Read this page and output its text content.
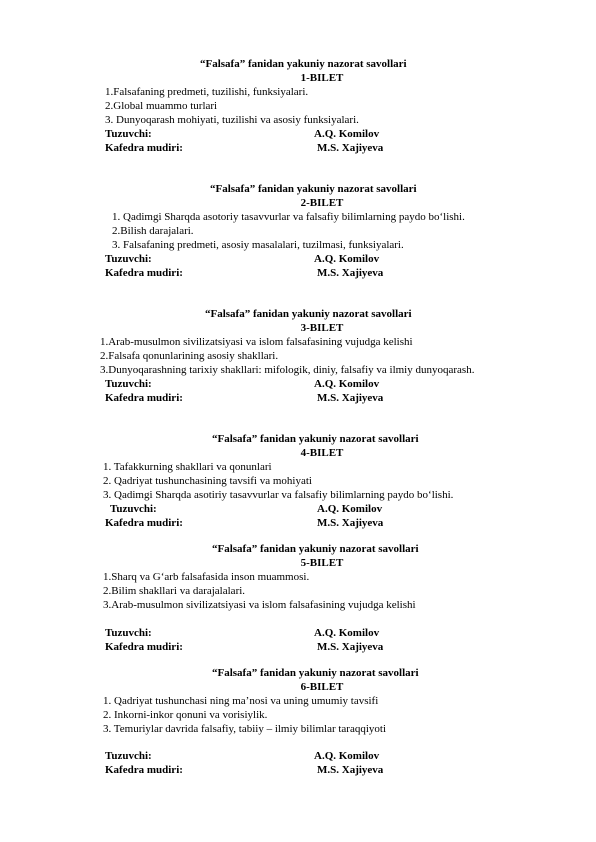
“Falsafa” fanidan yakuniy nazorat savollari
1-BILET
1.Falsafaning predmeti, tuzilishi, funksiyalari.
2.Global muammo turlari
3. Dunyoqarash mohiyati, tuzilishi va asosiy funksiyalari.
Tuzuvchi:	A.Q. Komilov
Kafedra mudiri:	M.S. Xajiyeva
“Falsafa” fanidan yakuniy nazorat savollari
2-BILET
1. Qadimgi Sharqda asotoriy tasavvurlar va falsafiy bilimlarning paydo bo‘lishi.
2.Bilish darajalari.
3. Falsafaning predmeti, asosiy masalalari, tuzilmasi, funksiyalari.
Tuzuvchi:	A.Q. Komilov
Kafedra mudiri:	M.S. Xajiyeva
“Falsafa” fanidan yakuniy nazorat savollari
3-BILET
1.Arab-musulmon sivilizatsiyasi va islom falsafasining vujudga kelishi
2.Falsafa qonunlarining asosiy shakllari.
3.Dunyoqarashning tarixiy shakllari: mifologik, diniy, falsafiy va ilmiy dunyoqarash.
Tuzuvchi:	A.Q. Komilov
Kafedra mudiri:	M.S. Xajiyeva
“Falsafa” fanidan yakuniy nazorat savollari
4-BILET
1. Tafakkurning shakllari va qonunlari
2. Qadriyat tushunchasining tavsifi va mohiyati
3. Qadimgi Sharqda asotiriy tasavvurlar va falsafiy bilimlarning paydo bo‘lishi.
Tuzuvchi:	A.Q. Komilov
Kafedra mudiri:	M.S. Xajiyeva
“Falsafa” fanidan yakuniy nazorat savollari
5-BILET
1.Sharq va G‘arb falsafasida inson muammosi.
2.Bilim shakllari va darajalalari.
3.Arab-musulmon sivilizatsiyasi va islom falsafasining vujudga kelishi
Tuzuvchi:	A.Q. Komilov
Kafedra mudiri:	M.S. Xajiyeva
“Falsafa” fanidan yakuniy nazorat savollari
6-BILET
1. Qadriyat tushunchasi ning ma’nosi va uning umumiy tavsifi
2. Inkorni-inkor qonuni va vorisiylik.
3. Temuriylar davrida falsafiy, tabiiy – ilmiy bilimlar taraqqiyoti
Tuzuvchi:	A.Q. Komilov
Kafedra mudiri:	M.S. Xajiyeva
